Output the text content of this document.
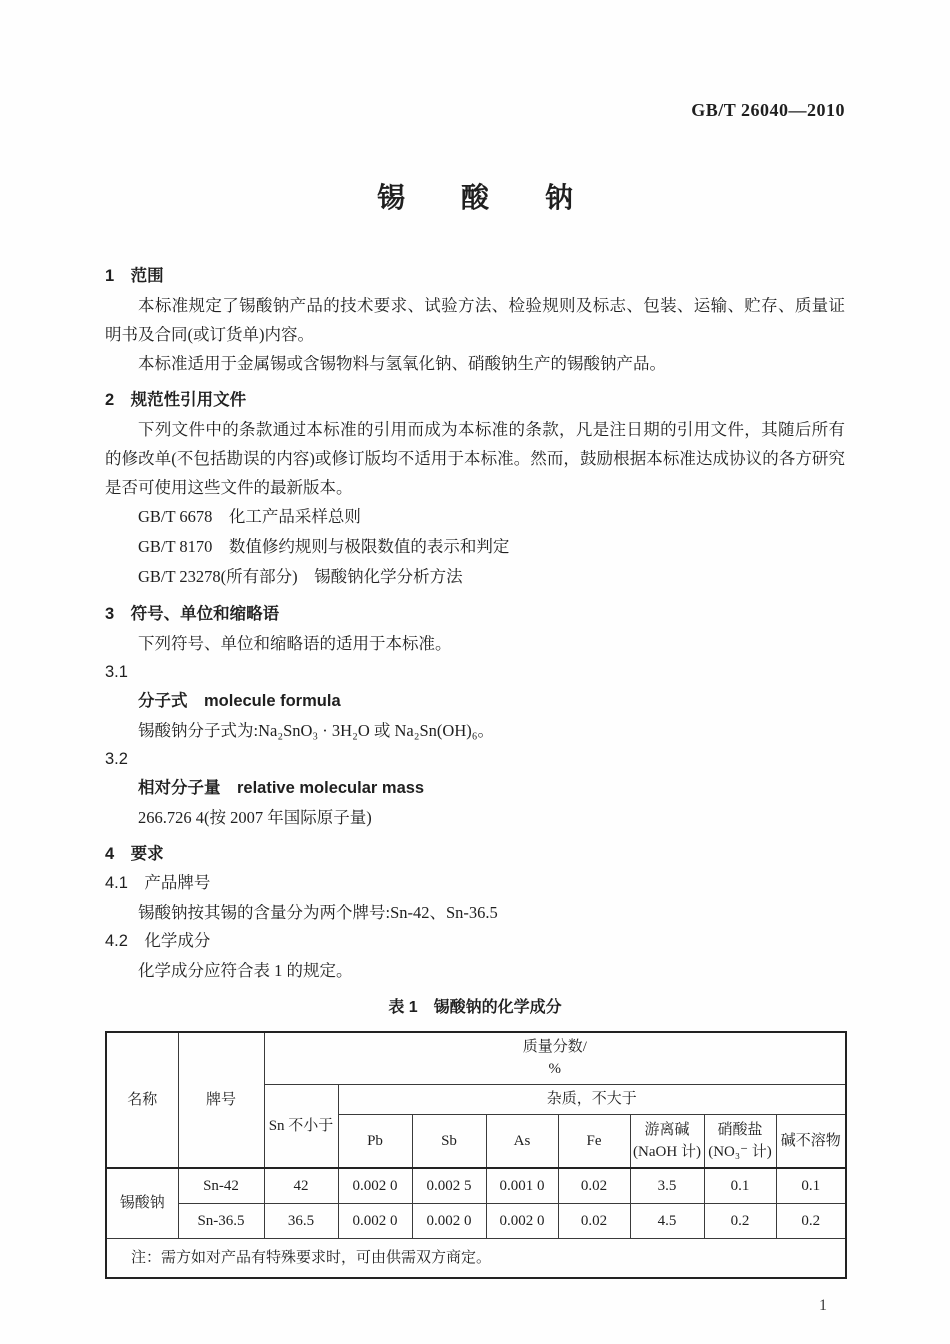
GB/T 26040—2010
锡　　酸　　钠
1　范围

本标准规定了锡酸钠产品的技术要求、试验方法、检验规则及标志、包装、运输、贮存、质量证明书及合同(或订货单)内容。

本标准适用于金属锡或含锡物料与氢氧化钠、硝酸钠生产的锡酸钠产品。

2　规范性引用文件

下列文件中的条款通过本标准的引用而成为本标准的条款，凡是注日期的引用文件，其随后所有的修改单(不包括勘误的内容)或修订版均不适用于本标准。然而，鼓励根据本标准达成协议的各方研究是否可使用这些文件的最新版本。

GB/T 6678　化工产品采样总则

GB/T 8170　数值修约规则与极限数值的表示和判定

GB/T 23278(所有部分)　锡酸钠化学分析方法

3　符号、单位和缩略语

下列符号、单位和缩略语的适用于本标准。

3.1
分子式　molecule formula

锡酸钠分子式为:Na₂SnO₃ · 3H₂O 或 Na₂Sn(OH)₆。

3.2
相对分子量　relative molecular mass

266.726 4(按 2007 年国际原子量)

4　要求
4.1　产品牌号

锡酸钠按其锡的含量分为两个牌号:Sn-42、Sn-36.5

4.2　化学成分

化学成分应符合表 1 的规定。

表 1　锡酸钠的化学成分
名称	牌号	质量分数/
%							

		Sn 不小于	杂质，不大于						
			Pb	Sb	As	Fe	游离碱
(NaOH 计)	硝酸盐
(NO₃⁻ 计)	碱不溶物
锡酸钠	Sn-42	42	0.002 0	0.002 5	0.001 0	0.02	3.5	0.1	0.1
	Sn-36.5	36.5	0.002 0	0.002 0	0.002 0	0.02	4.5	0.2	0.2
注：需方如对产品有特殊要求时，可由供需双方商定。									
1
